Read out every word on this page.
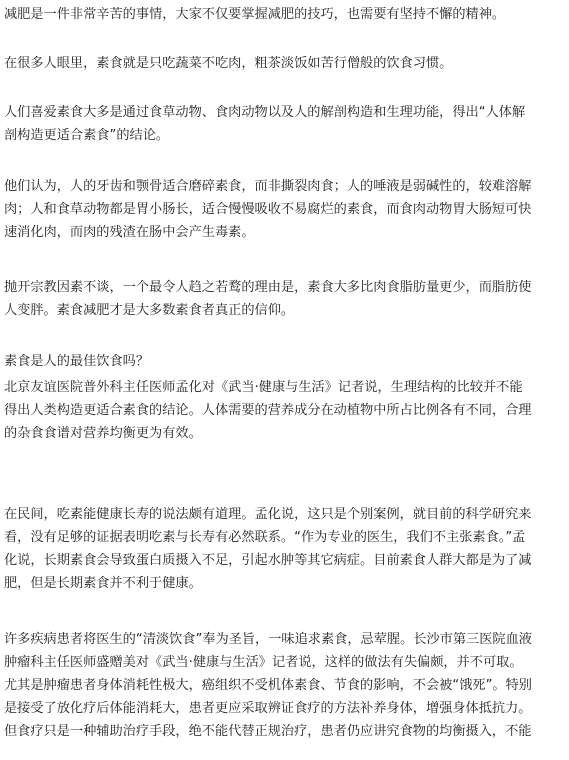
减肥是一件非常辛苦的事情，大家不仅要掌握减肥的技巧，也需要有坚持不懈的精神。

在很多人眼里，素食就是只吃蔬菜不吃肉，粗茶淡饭如苦行僧般的饮食习惯。

人们喜爱素食大多是通过食草动物、食肉动物以及人的解剖构造和生理功能，得出“人体解
剖构造更适合素食”的结论。

他们认为，人的牙齿和颚骨适合磨碎素食，而非撕裂肉食；人的唾液是弱碱性的，较难溶解
肉；人和食草动物都是胃小肠长，适合慢慢吸收不易腐烂的素食，而食肉动物胃大肠短可快
速消化肉，而肉的残渣在肠中会产生毒素。

抛开宗教因素不谈，一个最令人趋之若鹜的理由是，素食大多比肉食脂肪量更少，而脂肪使
人变胖。素食减肥才是大多数素食者真正的信仰。

素食是人的最佳饮食吗？

北京友谊医院普外科主任医师孟化对《武当·健康与生活》记者说，生理结构的比较并不能
得出人类构造更适合素食的结论。人体需要的营养成分在动植物中所占比例各有不同，合理
的杂食食谱对营养均衡更为有效。

在民间，吃素能健康长寿的说法颇有道理。孟化说，这只是个别案例，就目前的科学研究来
看，没有足够的证据表明吃素与长寿有必然联系。“作为专业的医生，我们不主张素食。”孟
化说，长期素食会导致蛋白质摄入不足，引起水肿等其它病症。目前素食人群大都是为了减
肥，但是长期素食并不利于健康。

许多疾病患者将医生的“清淡饮食”奉为圣旨，一味追求素食，忌荤腥。长沙市第三医院血液
肿瘤科主任医师盛赠美对《武当·健康与生活》记者说，这样的做法有失偏颇，并不可取。
尤其是肿瘤患者身体消耗性极大，癌组织不受机体素食、节食的影响，不会被“饿死”。特别
是接受了放化疗后体能消耗大，患者更应采取辨证食疗的方法补养身体，增强身体抵抗力。
但食疗只是一种辅助治疗手段，绝不能代替正规治疗，患者仍应讲究食物的均衡摄入，不能
